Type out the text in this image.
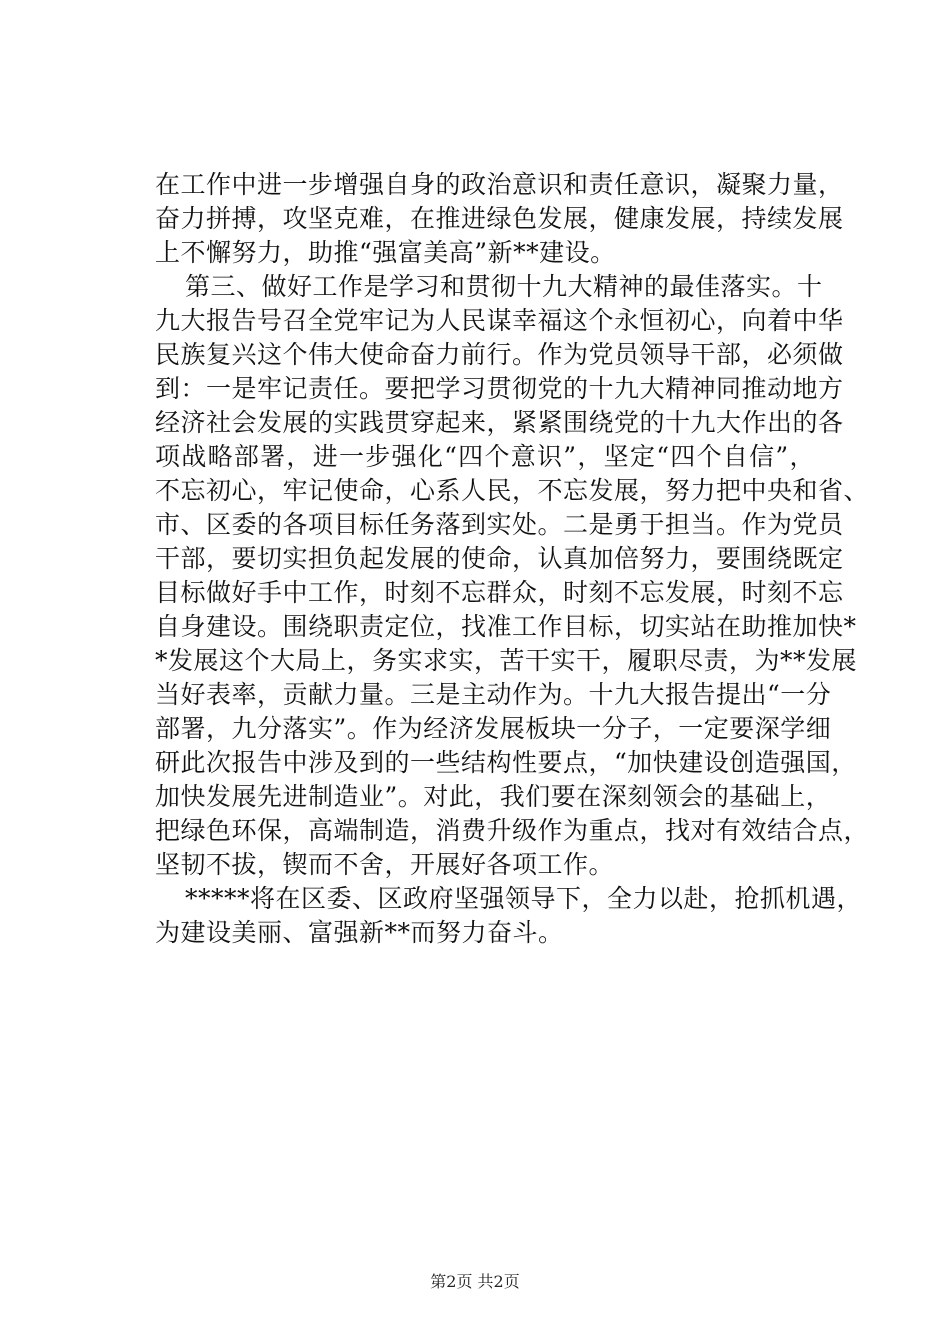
在工作中进一步增强自身的政治意识和责任意识，凝聚力量，
奋力拼搏，攻坚克难，在推进绿色发展，健康发展，持续发展
上不懈努力，助推“强富美高”新**建设。
第三、做好工作是学习和贯彻十九大精神的最佳落实。十
九大报告号召全党牢记为人民谋幸福这个永恒初心，向着中华
民族复兴这个伟大使命奋力前行。作为党员领导干部，必须做
到：一是牢记责任。要把学习贯彻党的十九大精神同推动地方
经济社会发展的实践贯穿起来，紧紧围绕党的十九大作出的各
项战略部署，进一步强化“四个意识”，坚定“四个自信”，
不忘初心，牢记使命，心系人民，不忘发展，努力把中央和省、
市、区委的各项目标任务落到实处。二是勇于担当。作为党员
干部，要切实担负起发展的使命，认真加倍努力，要围绕既定
目标做好手中工作，时刻不忘群众，时刻不忘发展，时刻不忘
自身建设。围绕职责定位，找准工作目标，切实站在助推加快*
*发展这个大局上，务实求实，苦干实干，履职尽责，为**发展
当好表率，贡献力量。三是主动作为。十九大报告提出“一分
部署，九分落实”。作为经济发展板块一分子，一定要深学细
研此次报告中涉及到的一些结构性要点，“加快建设创造强国，
加快发展先进制造业”。对此，我们要在深刻领会的基础上，
把绿色环保，高端制造，消费升级作为重点，找对有效结合点，
坚韧不拔，锲而不舍，开展好各项工作。
*****将在区委、区政府坚强领导下，全力以赴，抢抓机遇，
为建设美丽、富强新**而努力奋斗。
第2页 共2页
